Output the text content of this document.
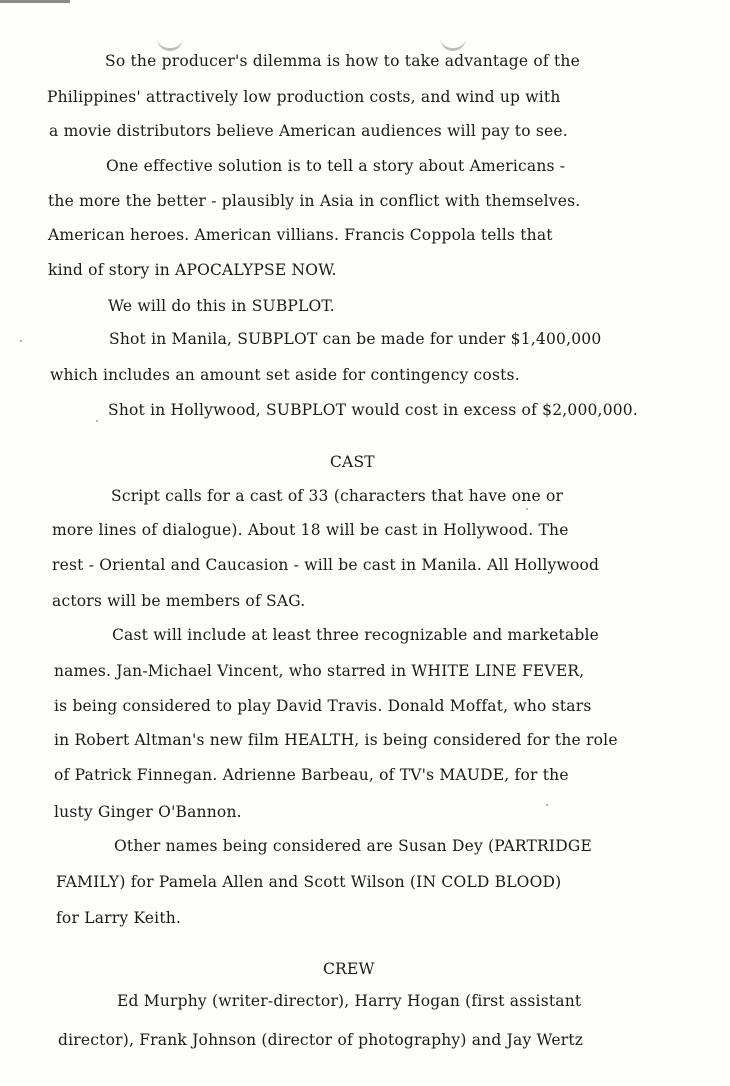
So the producer's dilemma is how to take advantage of the
Philippines' attractively low production costs, and wind up with
a movie distributors believe American audiences will pay to see.
One effective solution is to tell a story about Americans -
the more the better - plausibly in Asia in conflict with themselves.
American heroes. American villians. Francis Coppola tells that
kind of story in APOCALYPSE NOW.
We will do this in SUBPLOT.
Shot in Manila, SUBPLOT can be made for under $1,400,000
which includes an amount set aside for contingency costs.
Shot in Hollywood, SUBPLOT would cost in excess of $2,000,000.
CAST
Script calls for a cast of 33 (characters that have one or
more lines of dialogue). About 18 will be cast in Hollywood. The
rest - Oriental and Caucasion - will be cast in Manila. All Hollywood
actors will be members of SAG.
Cast will include at least three recognizable and marketable
names. Jan-Michael Vincent, who starred in WHITE LINE FEVER,
is being considered to play David Travis. Donald Moffat, who stars
in Robert Altman's new film HEALTH, is being considered for the role
of Patrick Finnegan. Adrienne Barbeau, of TV's MAUDE, for the
lusty Ginger O'Bannon.
Other names being considered are Susan Dey (PARTRIDGE
FAMILY) for Pamela Allen and Scott Wilson (IN COLD BLOOD)
for Larry Keith.
CREW
Ed Murphy (writer-director), Harry Hogan (first assistant
director), Frank Johnson (director of photography) and Jay Wertz
